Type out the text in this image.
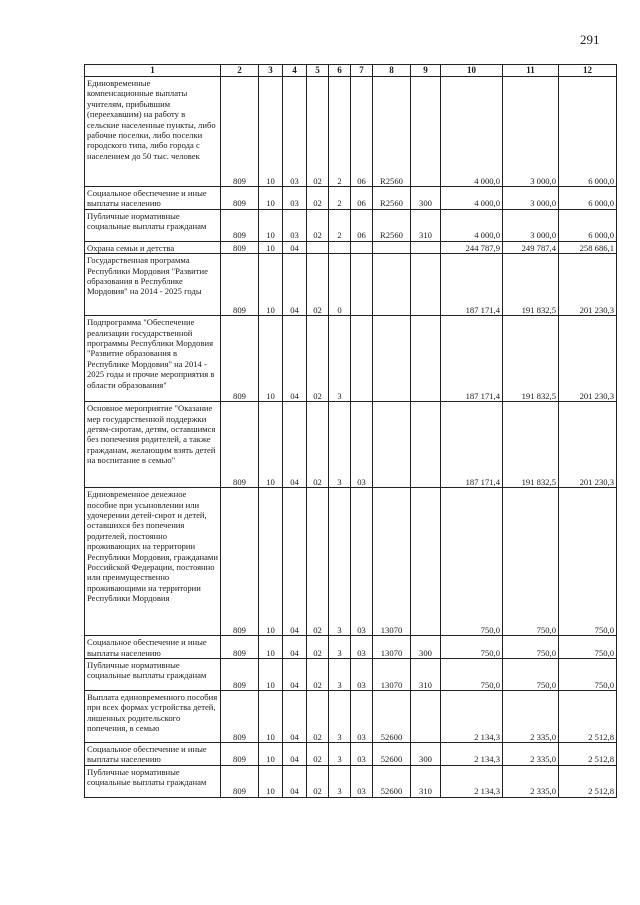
291
1	2	3	4	5	6	7	8	9	10	11	12

Единовременные компенсационные выплаты учителям, прибывшим (переехавшим) на работу в сельские населенные пункты, либо рабочие поселки, либо поселки городского типа, либо города с населением до 50 тыс. человек	809	10	03	02	2	06	R2560		4 000,0	3 000,0	6 000,0

Социальное обеспечение и иные выплаты населению	809	10	03	02	2	06	R2560	300	4 000,0	3 000,0	6 000,0

Публичные нормативные социальные выплаты гражданам	809	10	03	02	2	06	R2560	310	4 000,0	3 000,0	6 000,0

Охрана семьи и детства	809	10	04						244 787,9	249 787,4	258 686,1

Государственная программа Республики Мордовия "Развитие образования в Республике Мордовия" на 2014 - 2025 годы	809	10	04	02	0				187 171,4	191 832,5	201 230,3

Подпрограмма "Обеспечение реализации государственной программы Республики Мордовия "Развитие образования в Республике Мордовия" на 2014 - 2025 годы и прочие мероприятия в области образования"	809	10	04	02	3				187 171,4	191 832,5	201 230,3

Основное мероприятие "Оказание мер государственной поддержки детям-сиротам, детям, оставшимся без попечения родителей, а также гражданам, желающим взять детей на воспитание в семью"	809	10	04	02	3	03			187 171,4	191 832,5	201 230,3

Единовременное денежное пособие при усыновлении или удочерении детей-сирот и детей, оставшихся без попечения родителей, постоянно проживающих на территории Республики Мордовия, гражданами Российской Федерации, постоянно или преимущественно проживающими на территории Республики Мордовия	809	10	04	02	3	03	13070		750,0	750,0	750,0

Социальное обеспечение и иные выплаты населению	809	10	04	02	3	03	13070	300	750,0	750,0	750,0

Публичные нормативные социальные выплаты гражданам	809	10	04	02	3	03	13070	310	750,0	750,0	750,0

Выплата единовременного пособия при всех формах устройства детей, лишенных родительского попечения, в семью	809	10	04	02	3	03	52600		2 134,3	2 335,0	2 512,8

Социальное обеспечение и иные выплаты населению	809	10	04	02	3	03	52600	300	2 134,3	2 335,0	2 512,8

Публичные нормативные социальные выплаты гражданам	809	10	04	02	3	03	52600	310	2 134,3	2 335,0	2 512,8
